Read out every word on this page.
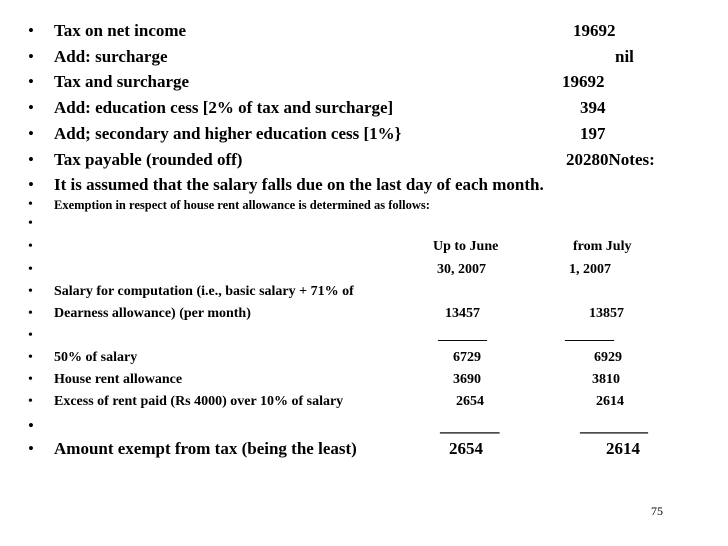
• Tax on net income	19692
• Add: surcharge	nil
• Tax and surcharge	19692
• Add: education cess [2% of tax and surcharge]	394
• Add; secondary and higher education cess [1%}	197
• Tax payable (rounded off)	20280Notes:
• It is assumed that the salary falls due on the last day of each month.
• Exemption in respect of house rent allowance is determined as follows:
•
•	Up to June	from July
•	30, 2007	1, 2007
• Salary for computation (i.e., basic salary + 71% of
• Dearness allowance) (per month)	13457	13857
•	_______	_______
• 50% of salary	6729	6929
• House rent allowance	3690	3810
• Excess of rent paid (Rs 4000) over 10% of salary	2654	2614
•	_______	________
• Amount exempt from tax (being the least)	2654	2614
75
